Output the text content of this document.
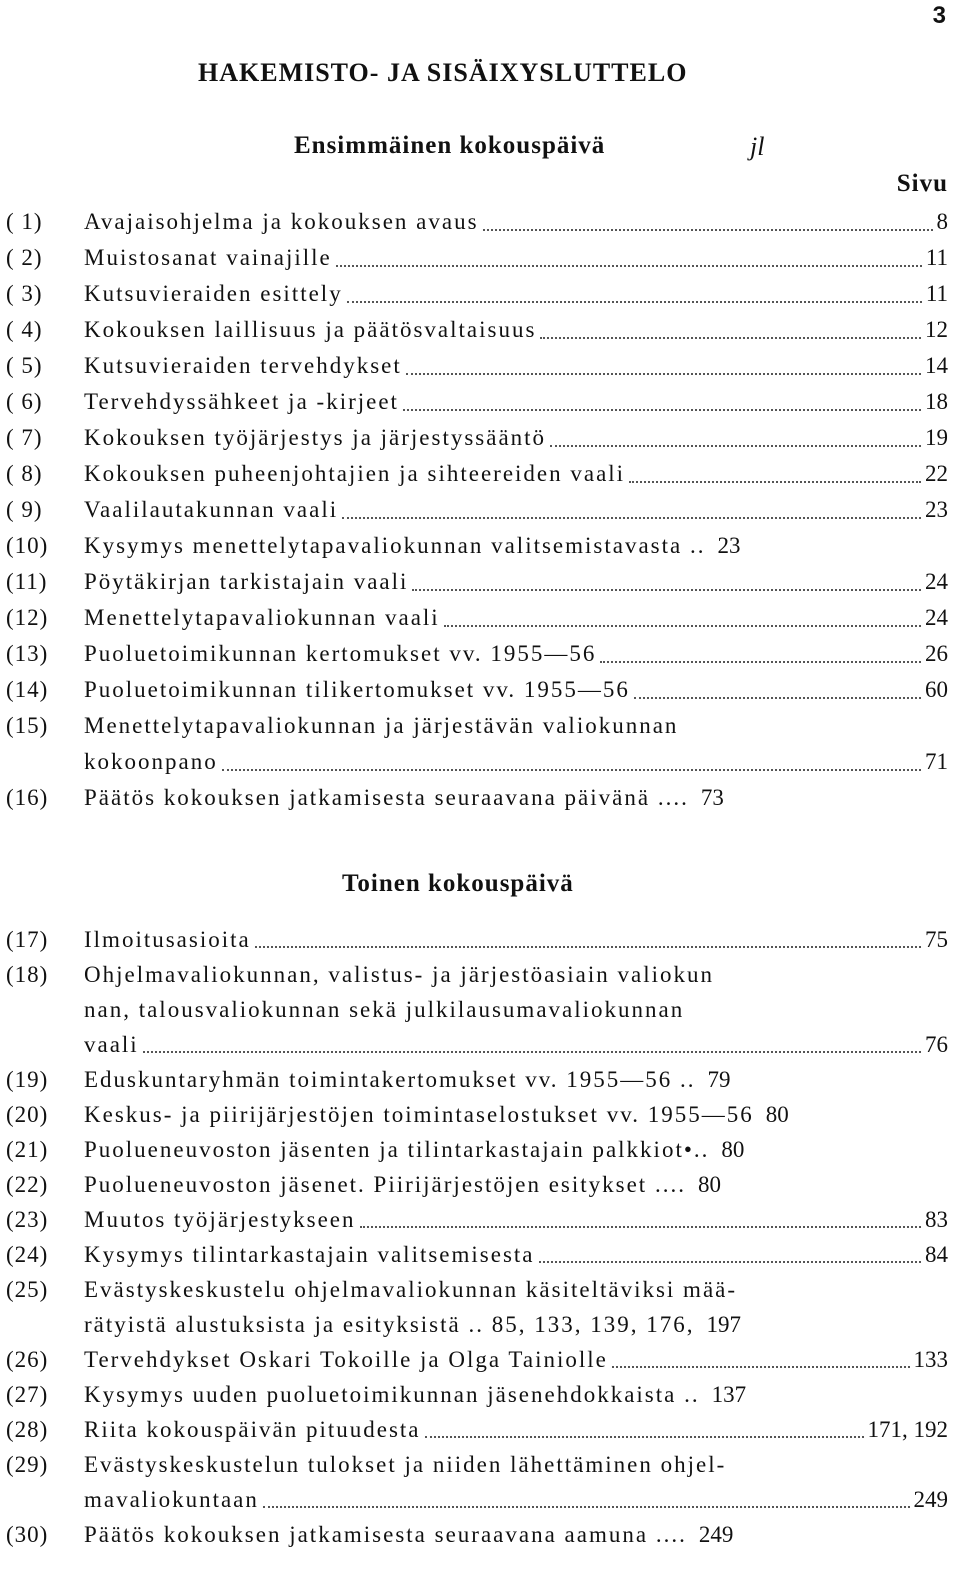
3
HAKEMISTO- JA SISÄIXYSLUTTELO
Ensimmäinen kokouspäivä	jl
Sivu
( 1)	Avajaisohjelma ja kokouksen avaus	8
( 2)	Muistosanat vainajille	11
( 3)	Kutsuvieraiden esittely	11
( 4)	Kokouksen laillisuus ja päätösvaltaisuus	12
( 5)	Kutsuvieraiden tervehdykset	14
( 6)	Tervehdyssähkeet ja -kirjeet	18
( 7)	Kokouksen työjärjestys ja järjestyssääntö	19
( 8)	Kokouksen puheenjohtajien ja sihteereiden vaali	22
( 9)	Vaalilautakunnan vaali	23
(10)	Kysymys menettelytapavaliokunnan valitsemistavasta .. 23
(11)	Pöytäkirjan tarkistajain vaali	24
(12)	Menettelytapavaliokunnan vaali	24
(13)	Puoluetoimikunnan kertomukset vv. 1955—56	26
(14)	Puoluetoimikunnan tilikertomukset vv. 1955—56	60
(15)	Menettelytapavaliokunnan ja järjestävän valiokunnan
kokoonpano	71
(16)	Päätös kokouksen jatkamisesta seuraavana päivänä .... 73
Toinen kokouspäivä
(17)	Ilmoitusasioita	75
(18)	Ohjelmavaliokunnan, valistus- ja järjestöasiain valiokun
nan, talousvaliokunnan sekä julkilausumavaliokunnan
vaali	76
(19)	Eduskuntaryhmän toimintakertomukset vv. 1955—56 .. 79
(20)	Keskus- ja piirijärjestöjen toimintaselostukset vv. 1955—56 80
(21)	Puolueneuvoston jäsenten ja tilintarkastajain palkkiot•.. 80
(22)	Puolueneuvoston jäsenet. Piirijärjestöjen esitykset .... 80
(23)	Muutos työjärjestykseen	83
(24)	Kysymys tilintarkastajain valitsemisesta	84
(25)	Evästyskeskustelu ohjelmavaliokunnan käsiteltäviksi mää-
rätyistä alustuksista ja esityksistä .. 85, 133, 139, 176, 197
(26)	Tervehdykset Oskari Tokoille ja Olga Tainiolle	133
(27)	Kysymys uuden puoluetoimikunnan jäsenehdokkaista .. 137
(28)	Riita kokouspäivän pituudesta	171, 192
(29)	Evästyskeskustelun tulokset ja niiden lähettäminen ohjel-
mavaliokuntaan	249
(30)	Päätös kokouksen jatkamisesta seuraavana aamuna .... 249
